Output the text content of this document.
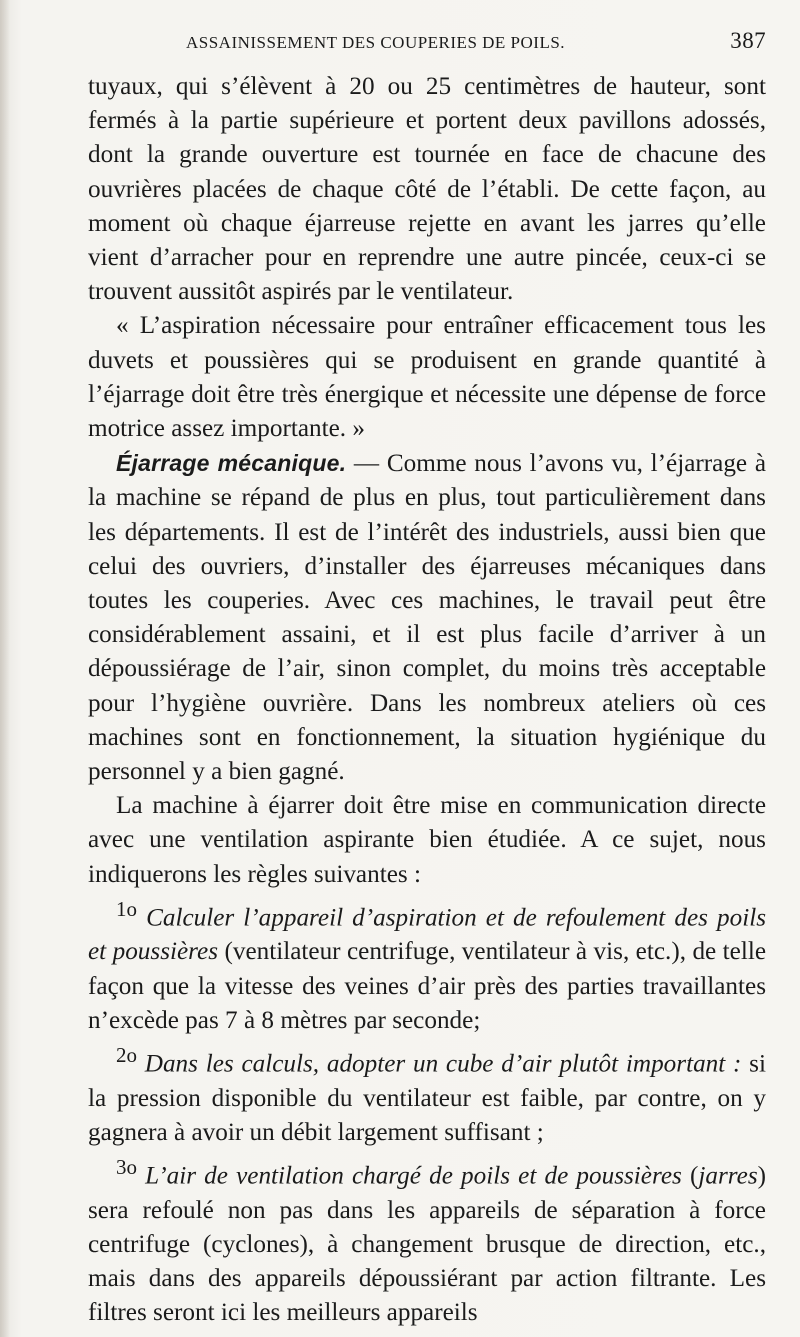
ASSAINISSEMENT DES COUPERIES DE POILS.	387

tuyaux, qui s’élèvent à 20 ou 25 centimètres de hauteur, sont fermés à la partie supérieure et portent deux pavillons adossés, dont la grande ouverture est tournée en face de chacune des ouvrières placées de chaque côté de l’établi. De cette façon, au moment où chaque éjarreuse rejette en avant les jarres qu’elle vient d’arracher pour en reprendre une autre pincée, ceux-ci se trouvent aussitôt aspirés par le ventilateur.

« L’aspiration nécessaire pour entraîner efficacement tous les duvets et poussières qui se produisent en grande quantité à l’éjarrage doit être très énergique et nécessite une dépense de force motrice assez importante. »

Éjarrage mécanique. — Comme nous l’avons vu, l’éjarrage à la machine se répand de plus en plus, tout particulièrement dans les départements. Il est de l’intérêt des industriels, aussi bien que celui des ouvriers, d’installer des éjarreuses mécaniques dans toutes les couperies. Avec ces machines, le travail peut être considérablement assaini, et il est plus facile d’arriver à un dépoussiérage de l’air, sinon complet, du moins très acceptable pour l’hygiène ouvrière. Dans les nombreux ateliers où ces machines sont en fonctionnement, la situation hygiénique du personnel y a bien gagné.

La machine à éjarrer doit être mise en communication directe avec une ventilation aspirante bien étudiée. A ce sujet, nous indiquerons les règles suivantes :

$^{1o}$ Calculer l’appareil d’aspiration et de refoulement des poils et poussières (ventilateur centrifuge, ventilateur à vis, etc.), de telle façon que la vitesse des veines d’air près des parties travaillantes n’excède pas 7 à 8 mètres par seconde;

$^{2o}$ Dans les calculs, adopter un cube d’air plutôt important : si la pression disponible du ventilateur est faible, par contre, on y gagnera à avoir un débit largement suffisant ;

$^{3o}$ L’air de ventilation chargé de poils et de poussières (jarres) sera refoulé non pas dans les appareils de séparation à force centrifuge (cyclones), à changement brusque de direction, etc., mais dans des appareils dépoussiérant par action filtrante. Les filtres seront ici les meilleurs appareils
